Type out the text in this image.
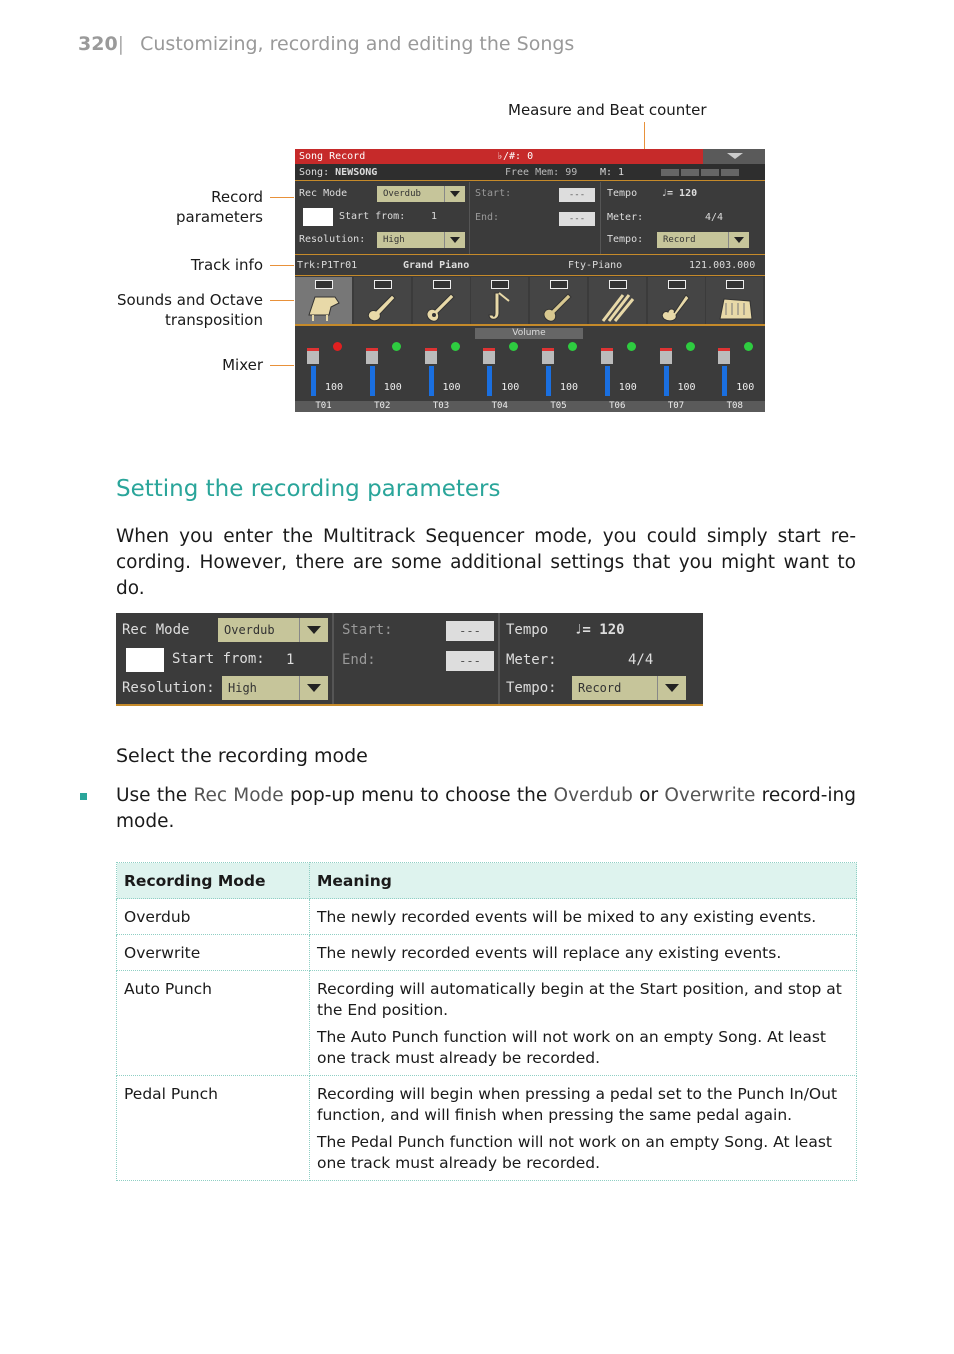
320| Customizing, recording and editing the Songs
Measure and Beat counter
Record
parameters
Track info
Sounds and Octave
transposition
Mixer
Song Record	♭/#: 0
Song: NEWSONG	Free Mem: 99 M: 1
Rec Mode	Overdub
Start from:	1
Resolution:	High
Start:	---
End:	---
Tempo ♩= 120
Meter:	4/4
Tempo:	Record
Trk:P1Tr01	Grand Piano	Fty-Piano	121.003.000
Volume
100	100	100	100	100	100	100	100
T01	T02	T03	T04	T05	T06	T07	T08
Setting the recording parameters
When you enter the Multitrack Sequencer mode, you could simply start re-cording. However, there are some additional settings that you might want to do.
Rec Mode	Overdub
Start from: 1
Resolution:	High
Start:	---
End:	---
Tempo ♩= 120
Meter:	4/4
Tempo:	Record
Select the recording mode
Use the Rec Mode pop-up menu to choose the Overdub or Overwrite record-ing mode.
Recording Mode	Meaning
Overdub	The newly recorded events will be mixed to any existing events.

Overwrite	The newly recorded events will replace any existing events.

Auto Punch	Recording will automatically begin at the Start position, and stop at the End position.

The Auto Punch function will not work on an empty Song. At least one track must already be recorded.

Pedal Punch	Recording will begin when pressing a pedal set to the Punch In/Out function, and will finish when pressing the same pedal again.

The Pedal Punch function will not work on an empty Song. At least one track must already be recorded.
